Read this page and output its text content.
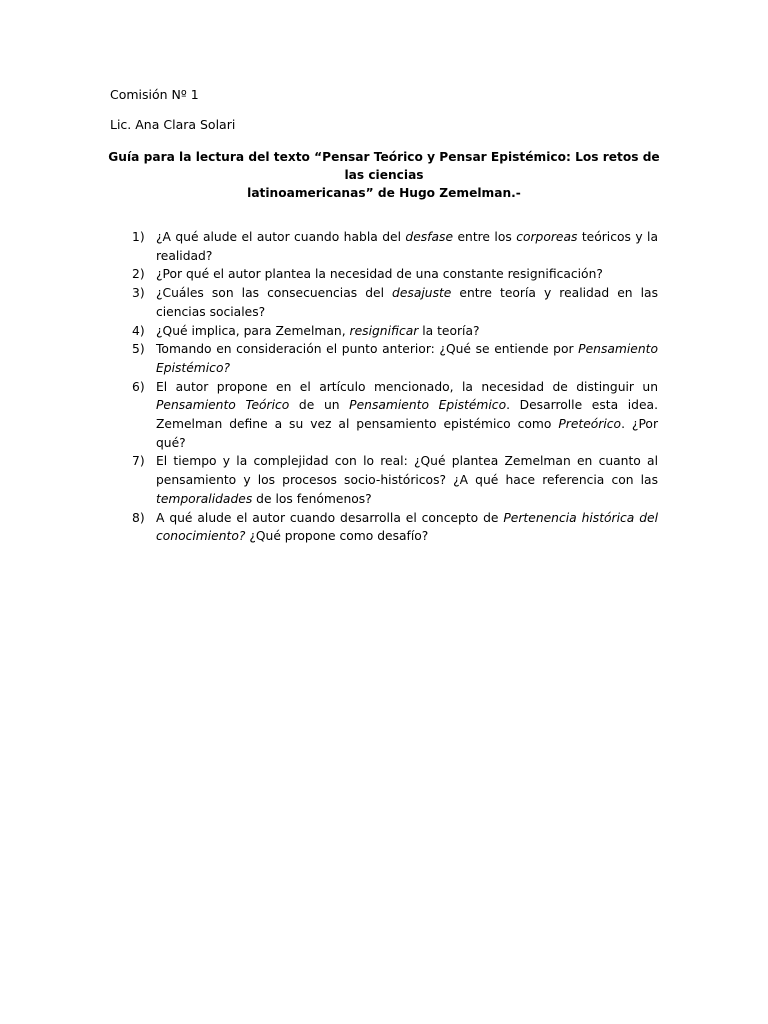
Comisión Nº 1
Lic. Ana Clara Solari
Guía para la lectura del texto “Pensar Teórico y Pensar Epistémico: Los retos de las ciencias
latinoamericanas” de Hugo Zemelman.-
1) ¿A qué alude el autor cuando habla del desfase entre los corporeas teóricos y la realidad?
2) ¿Por qué el autor plantea la necesidad de una constante resignificación?
3) ¿Cuáles son las consecuencias del desajuste entre teoría y realidad en las ciencias sociales?
4) ¿Qué implica, para Zemelman, resignificar la teoría?
5) Tomando en consideración el punto anterior: ¿Qué se entiende por Pensamiento Epistémico?
6) El autor propone en el artículo mencionado, la necesidad de distinguir un Pensamiento Teórico de un Pensamiento Epistémico. Desarrolle esta idea. Zemelman define a su vez al pensamiento epistémico como Preteórico. ¿Por qué?
7) El tiempo y la complejidad con lo real: ¿Qué plantea Zemelman en cuanto al pensamiento y los procesos socio-históricos? ¿A qué hace referencia con las temporalidades de los fenómenos?
8) A qué alude el autor cuando desarrolla el concepto de Pertenencia histórica del conocimiento? ¿Qué propone como desafío?
